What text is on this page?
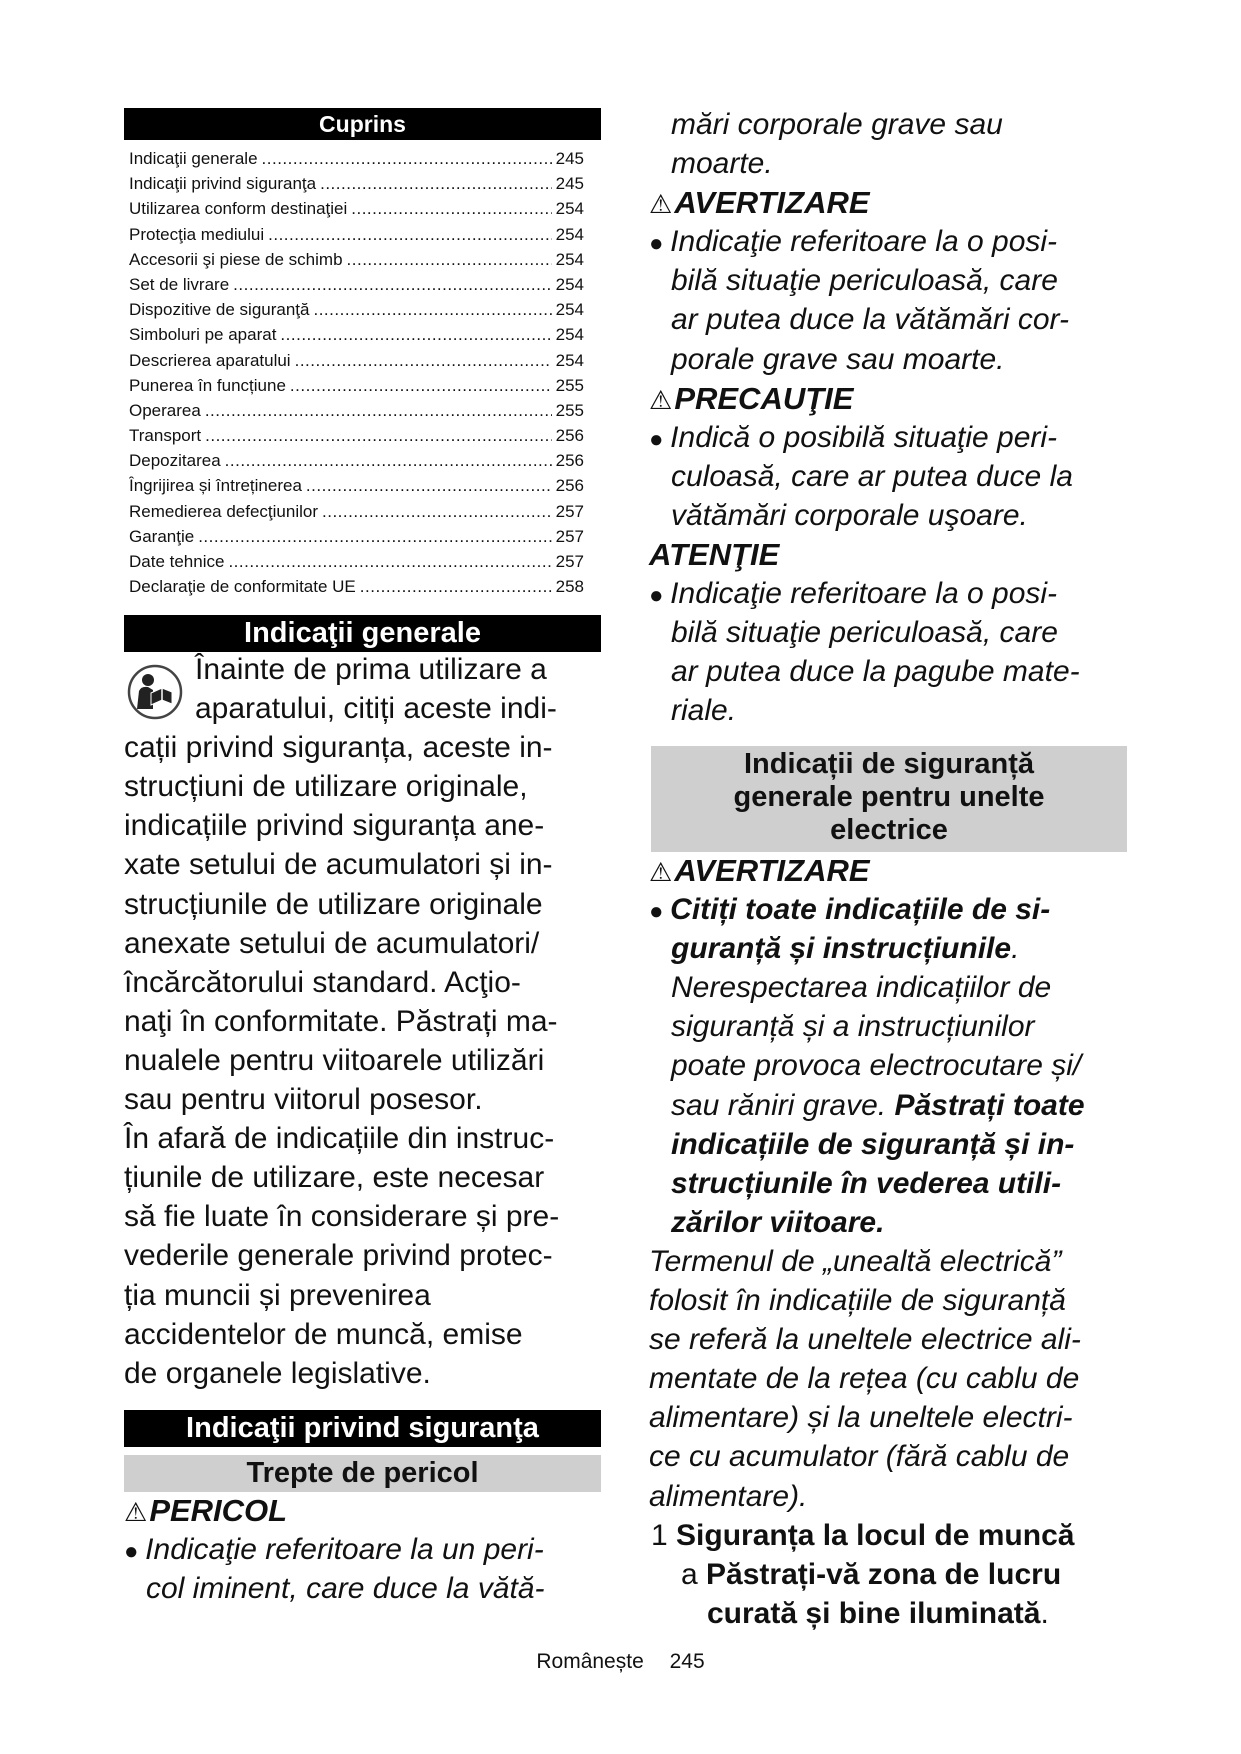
Cuprins
Indicaţii generale .....	245
Indicaţii privind siguranţa .....	245
Utilizarea conform destinaţiei .....	254
Protecţia mediului .....	254
Accesorii şi piese de schimb .....	254
Set de livrare .....	254
Dispozitive de siguranţă .....	254
Simboluri pe aparat .....	254
Descrierea aparatului .....	254
Punerea în funcțiune .....	255
Operarea .....	255
Transport .....	256
Depozitarea .....	256
Îngrijirea și întreținerea .....	256
Remedierea defecţiunilor .....	257
Garanţie .....	257
Date tehnice .....	257
Declaraţie de conformitate UE .....	258
Indicaţii generale
Înainte de prima utilizare a
aparatului, citiți aceste indi-
cații privind siguranța, aceste in-
strucțiuni de utilizare originale,
indicațiile privind siguranța ane-
xate setului de acumulatori și in-
strucțiunile de utilizare originale
anexate setului de acumulatori/
încărcătorului standard. Acţio-
naţi în conformitate. Păstrați ma-
nualele pentru viitoarele utilizări
sau pentru viitorul posesor.
În afară de indicațiile din instruc-
țiunile de utilizare, este necesar
să fie luate în considerare și pre-
vederile generale privind protec-
ția muncii și prevenirea
accidentelor de muncă, emise
de organele legislative.
Indicaţii privind siguranţa
Trepte de pericol
⚠PERICOL
● Indicaţie referitoare la un peri-
col iminent, care duce la vătă-
mări corporale grave sau
moarte.
⚠AVERTIZARE
● Indicaţie referitoare la o posi-
bilă situaţie periculoasă, care
ar putea duce la vătămări cor-
porale grave sau moarte.
⚠PRECAUŢIE
● Indică o posibilă situaţie peri-
culoasă, care ar putea duce la
vătămări corporale uşoare.
ATENŢIE
● Indicaţie referitoare la o posi-
bilă situaţie periculoasă, care
ar putea duce la pagube mate-
riale.
Indicații de siguranță
generale pentru unelte
electrice
⚠AVERTIZARE
● Citiți toate indicațiile de si-
guranță și instrucțiunile.
Nerespectarea indicațiilor de
siguranță și a instrucțiunilor
poate provoca electrocutare și/
sau răniri grave. Păstrați toate
indicațiile de siguranță și in-
strucțiunile în vederea utili-
zărilor viitoare.
Termenul de „unealtă electrică”
folosit în indicațiile de siguranță
se referă la uneltele electrice ali-
mentate de la rețea (cu cablu de
alimentare) și la uneltele electri-
ce cu acumulator (fără cablu de
alimentare).
1 Siguranța la locul de muncă
a Păstrați-vă zona de lucru
curată și bine iluminată.
Românește 245
